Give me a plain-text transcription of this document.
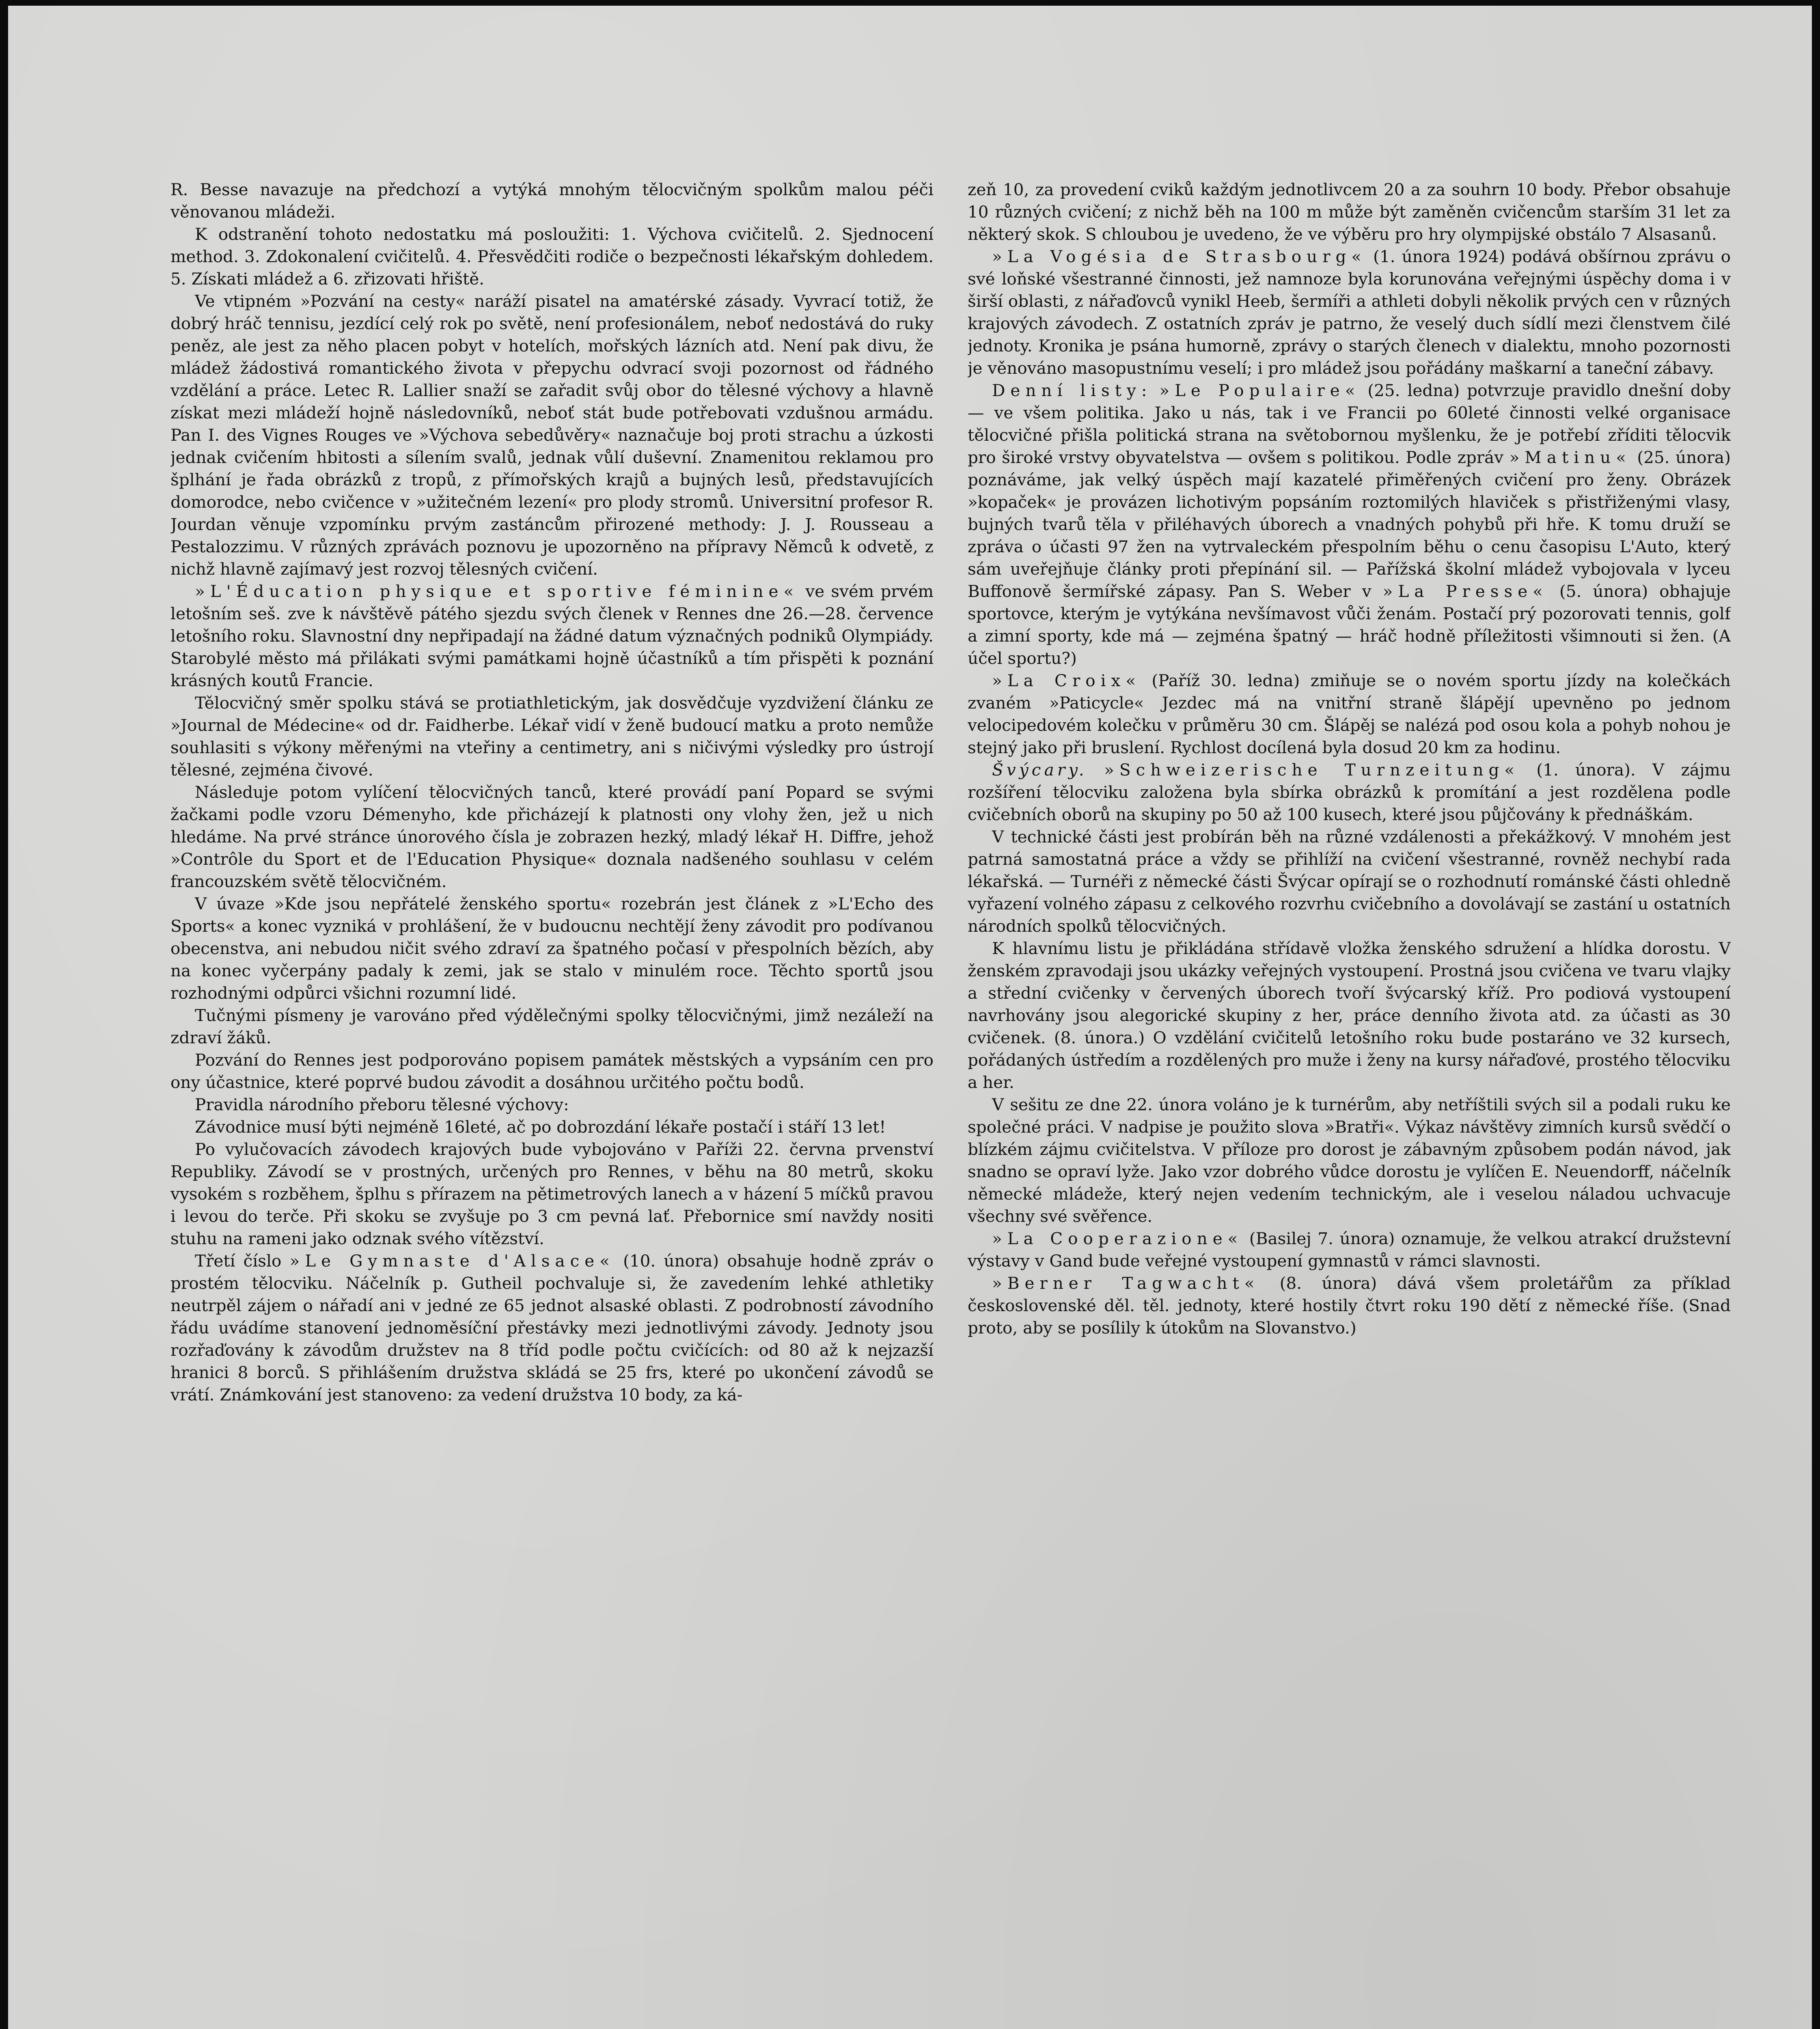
R. Besse navazuje na předchozí a vytýká mnohým tělocvičným spolkům malou péči věnovanou mládeži.

K odstranění tohoto nedostatku má posloužiti: 1. Výchova cvičitelů. 2. Sjednocení method. 3. Zdokonalení cvičitelů. 4. Přesvědčiti rodiče o bezpečnosti lékařským dohledem. 5. Získati mládež a 6. zřizovati hřiště.

Ve vtipném »Pozvání na cesty« naráží pisatel na amatérské zásady. Vyvrací totiž, že dobrý hráč tennisu, jezdící celý rok po světě, není profesionálem, neboť nedostává do ruky peněz, ale jest za něho placen pobyt v hotelích, mořských lázních atd. Není pak divu, že mládež žádostivá romantického života v přepychu odvrací svoji pozornost od řádného vzdělání a práce. Letec R. Lallier snaží se zařadit svůj obor do tělesné výchovy a hlavně získat mezi mládeží hojně následovníků, neboť stát bude potřebovati vzdušnou armádu. Pan I. des Vignes Rouges ve »Výchova sebedůvěry« naznačuje boj proti strachu a úzkosti jednak cvičením hbitosti a sílením svalů, jednak vůlí duševní. Znamenitou reklamou pro šplhání je řada obrázků z tropů, z přímořských krajů a bujných lesů, představujících domorodce, nebo cvičence v »užitečném lezení« pro plody stromů. Universitní profesor R. Jourdan věnuje vzpomínku prvým zastáncům přirozené methody: J. J. Rousseau a Pestalozzimu. V různých zprávách poznovu je upozorněno na přípravy Němců k odvetě, z nichž hlavně zajímavý jest rozvoj tělesných cvičení.

»L'Éducation physique et sportive féminine« ve svém prvém letošním seš. zve k návštěvě pátého sjezdu svých členek v Rennes dne 26.—28. července letošního roku. Slavnostní dny nepřipadají na žádné datum význačných podniků Olympiády. Starobylé město má přilákati svými památkami hojně účastníků a tím přispěti k poznání krásných koutů Francie.

Tělocvičný směr spolku stává se protiathletickým, jak dosvědčuje vyzdvižení článku ze »Journal de Médecine« od dr. Faidherbe. Lékař vidí v ženě budoucí matku a proto nemůže souhlasiti s výkony měřenými na vteřiny a centimetry, ani s ničivými výsledky pro ústrojí tělesné, zejména čivové.

Následuje potom vylíčení tělocvičných tanců, které provádí paní Popard se svými žačkami podle vzoru Démenyho, kde přicházejí k platnosti ony vlohy žen, jež u nich hledáme. Na prvé stránce únorového čísla je zobrazen hezký, mladý lékař H. Diffre, jehož »Contrôle du Sport et de l'Education Physique« doznala nadšeného souhlasu v celém francouzském světě tělocvičném.

V úvaze »Kde jsou nepřátelé ženského sportu« rozebrán jest článek z »L'Echo des Sports« a konec vyzniká v prohlášení, že v budoucnu nechtějí ženy závodit pro podívanou obecenstva, ani nebudou ničit svého zdraví za špatného počasí v přespolních bězích, aby na konec vyčerpány padaly k zemi, jak se stalo v minulém roce. Těchto sportů jsou rozhodnými odpůrci všichni rozumní lidé.

Tučnými písmeny je varováno před výdělečnými spolky tělocvičnými, jimž nezáleží na zdraví žáků.

Pozvání do Rennes jest podporováno popisem památek městských a vypsáním cen pro ony účastnice, které poprvé budou závodit a dosáhnou určitého počtu bodů.

Pravidla národního přeboru tělesné výchovy:

Závodnice musí býti nejméně 16leté, ač po dobrozdání lékaře postačí i stáří 13 let!

Po vylučovacích závodech krajových bude vybojováno v Paříži 22. června prvenství Republiky. Závodí se v prostných, určených pro Rennes, v běhu na 80 metrů, skoku vysokém s rozběhem, šplhu s přírazem na pětimetrových lanech a v házení 5 míčků pravou i levou do terče. Při skoku se zvyšuje po 3 cm pevná lať. Přebornice smí navždy nositi stuhu na rameni jako odznak svého vítězství.

Třetí číslo »Le Gymnaste d'Alsace« (10. února) obsahuje hodně zpráv o prostém tělocviku. Náčelník p. Gutheil pochvaluje si, že zavedením lehké athletiky neutrpěl zájem o nářadí ani v jedné ze 65 jednot alsaské oblasti. Z podrobností závodního řádu uvádíme stanovení jednoměsíční přestávky mezi jednotlivými závody. Jednoty jsou rozřaďovány k závodům družstev na 8 tříd podle počtu cvičících: od 80 až k nejzazší hranici 8 borců. S přihlášením družstva skládá se 25 frs, které po ukončení závodů se vrátí. Známkování jest stanoveno: za vedení družstva 10 body, za ká-

zeň 10, za provedení cviků každým jednotlivcem 20 a za souhrn 10 body. Přebor obsahuje 10 různých cvičení; z nichž běh na 100 m může být zaměněn cvičencům starším 31 let za některý skok. S chloubou je uvedeno, že ve výběru pro hry olympijské obstálo 7 Alsasanů.

»La Vogésia de Strasbourg« (1. února 1924) podává obšírnou zprávu o své loňské všestranné činnosti, jež namnoze byla korunována veřejnými úspěchy doma i v širší oblasti, z nářaďovců vynikl Heeb, šermíři a athleti dobyli několik prvých cen v různých krajových závodech. Z ostatních zpráv je patrno, že veselý duch sídlí mezi členstvem čilé jednoty. Kronika je psána humorně, zprávy o starých členech v dialektu, mnoho pozornosti je věnováno masopustnímu veselí; i pro mládež jsou pořádány maškarní a taneční zábavy.

Denní listy: »Le Populaire« (25. ledna) potvrzuje pravidlo dnešní doby — ve všem politika. Jako u nás, tak i ve Francii po 60leté činnosti velké organisace tělocvičné přišla politická strana na světobornou myšlenku, že je potřebí zříditi tělocvik pro široké vrstvy obyvatelstva — ovšem s politikou. Podle zpráv »Matinu« (25. února) poznáváme, jak velký úspěch mají kazatelé přiměřených cvičení pro ženy. Obrázek »kopaček« je provázen lichotivým popsáním roztomilých hlaviček s přistřiženými vlasy, bujných tvarů těla v přiléhavých úborech a vnadných pohybů při hře. K tomu druží se zpráva o účasti 97 žen na vytrvaleckém přespolním běhu o cenu časopisu L'Auto, který sám uveřejňuje články proti přepínání sil. — Pařížská školní mládež vybojovala v lyceu Buffonově šermířské zápasy. Pan S. Weber v »La Presse« (5. února) obhajuje sportovce, kterým je vytýkána nevšímavost vůči ženám. Postačí prý pozorovati tennis, golf a zimní sporty, kde má — zejména špatný — hráč hodně příležitosti všimnouti si žen. (A účel sportu?)

»La Croix« (Paříž 30. ledna) zmiňuje se o novém sportu jízdy na kolečkách zvaném »Paticycle« Jezdec má na vnitřní straně šlápějí upevněno po jednom velocipedovém kolečku v průměru 30 cm. Šlápěj se nalézá pod osou kola a pohyb nohou je stejný jako při bruslení. Rychlost docílená byla dosud 20 km za hodinu.

Švýcary. »Schweizerische Turnzeitung« (1. února). V zájmu rozšíření tělocviku založena byla sbírka obrázků k promítání a jest rozdělena podle cvičebních oborů na skupiny po 50 až 100 kusech, které jsou půjčovány k přednáškám.

V technické části jest probírán běh na různé vzdálenosti a překážkový. V mnohém jest patrná samostatná práce a vždy se přihlíží na cvičení všestranné, rovněž nechybí rada lékařská. — Turnéři z německé části Švýcar opírají se o rozhodnutí románské části ohledně vyřazení volného zápasu z celkového rozvrhu cvičebního a dovolávají se zastání u ostatních národních spolků tělocvičných.

K hlavnímu listu je přikládána střídavě vložka ženského sdružení a hlídka dorostu. V ženském zpravodaji jsou ukázky veřejných vystoupení. Prostná jsou cvičena ve tvaru vlajky a střední cvičenky v červených úborech tvoří švýcarský kříž. Pro podiová vystoupení navrhovány jsou alegorické skupiny z her, práce denního života atd. za účasti as 30 cvičenek. (8. února.) O vzdělání cvičitelů letošního roku bude postaráno ve 32 kursech, pořádaných ústředím a rozdělených pro muže i ženy na kursy nářaďové, prostého tělocviku a her.

V sešitu ze dne 22. února voláno je k turnérům, aby netříštili svých sil a podali ruku ke společné práci. V nadpise je použito slova »Bratři«. Výkaz návštěvy zimních kursů svědčí o blízkém zájmu cvičitelstva. V příloze pro dorost je zábavným způsobem podán návod, jak snadno se opraví lyže. Jako vzor dobrého vůdce dorostu je vylíčen E. Neuendorff, náčelník německé mládeže, který nejen vedením technickým, ale i veselou náladou uchvacuje všechny své svěřence.

»La Cooperazione« (Basilej 7. února) oznamuje, že velkou atrakcí družstevní výstavy v Gand bude veřejné vystoupení gymnastů v rámci slavnosti.

»Berner Tagwacht« (8. února) dává všem proletářům za příklad československé děl. těl. jednoty, které hostily čtvrt roku 190 dětí z německé říše. (Snad proto, aby se posílily k útokům na Slovanstvo.)
